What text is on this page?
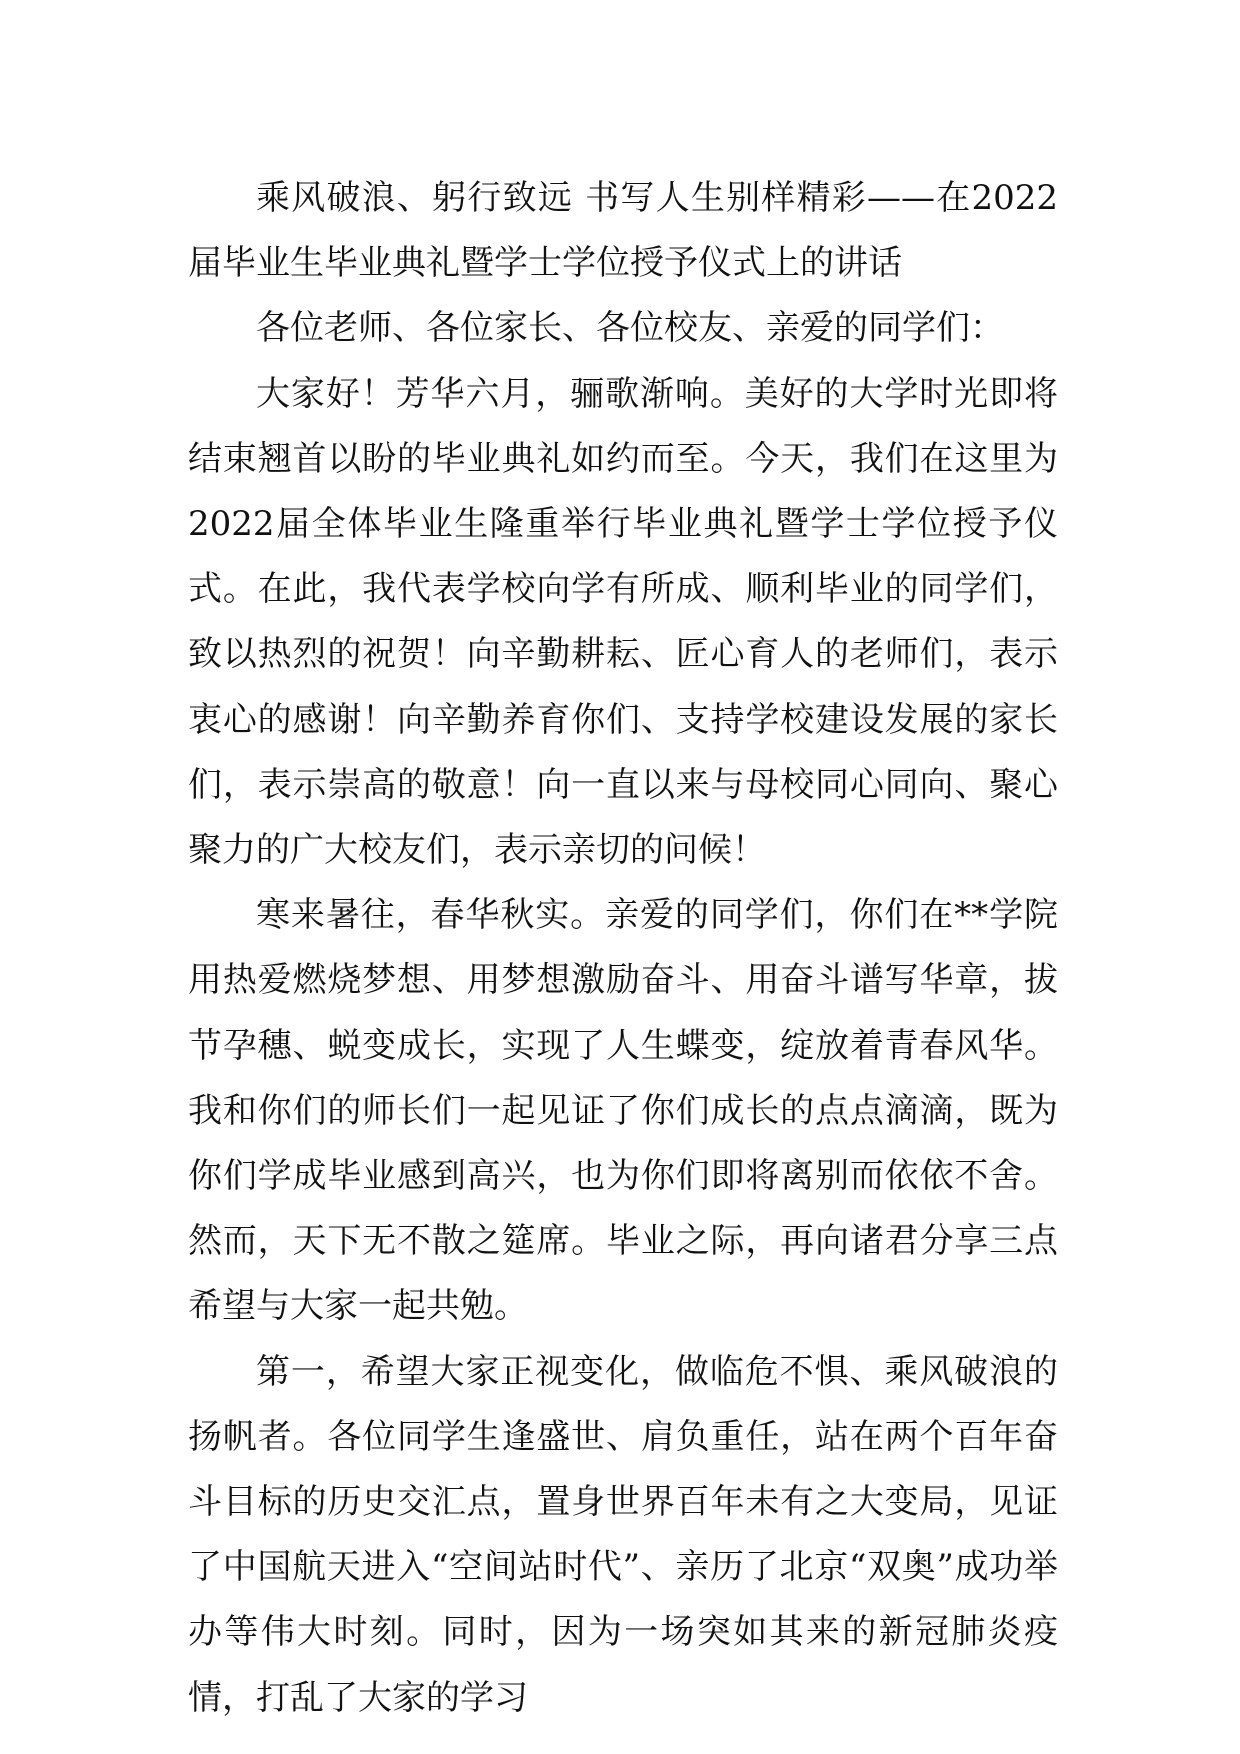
乘风破浪、躬行致远 书写人生别样精彩——在2022届毕业生毕业典礼暨学士学位授予仪式上的讲话

各位老师、各位家长、各位校友、亲爱的同学们：

大家好！芳华六月，骊歌渐响。美好的大学时光即将结束翘首以盼的毕业典礼如约而至。今天，我们在这里为2022届全体毕业生隆重举行毕业典礼暨学士学位授予仪式。在此，我代表学校向学有所成、顺利毕业的同学们，致以热烈的祝贺！向辛勤耕耘、匠心育人的老师们，表示衷心的感谢！向辛勤养育你们、支持学校建设发展的家长们，表示崇高的敬意！向一直以来与母校同心同向、聚心聚力的广大校友们，表示亲切的问候！

寒来暑往，春华秋实。亲爱的同学们，你们在**学院用热爱燃烧梦想、用梦想激励奋斗、用奋斗谱写华章，拔节孕穗、蜕变成长，实现了人生蝶变，绽放着青春风华。我和你们的师长们一起见证了你们成长的点点滴滴，既为你们学成毕业感到高兴，也为你们即将离别而依依不舍。然而，天下无不散之筵席。毕业之际，再向诸君分享三点希望与大家一起共勉。

第一，希望大家正视变化，做临危不惧、乘风破浪的扬帆者。各位同学生逢盛世、肩负重任，站在两个百年奋斗目标的历史交汇点，置身世界百年未有之大变局，见证了中国航天进入“空间站时代”、亲历了北京“双奥”成功举办等伟大时刻。同时，因为一场突如其来的新冠肺炎疫情，打乱了大家的学习
